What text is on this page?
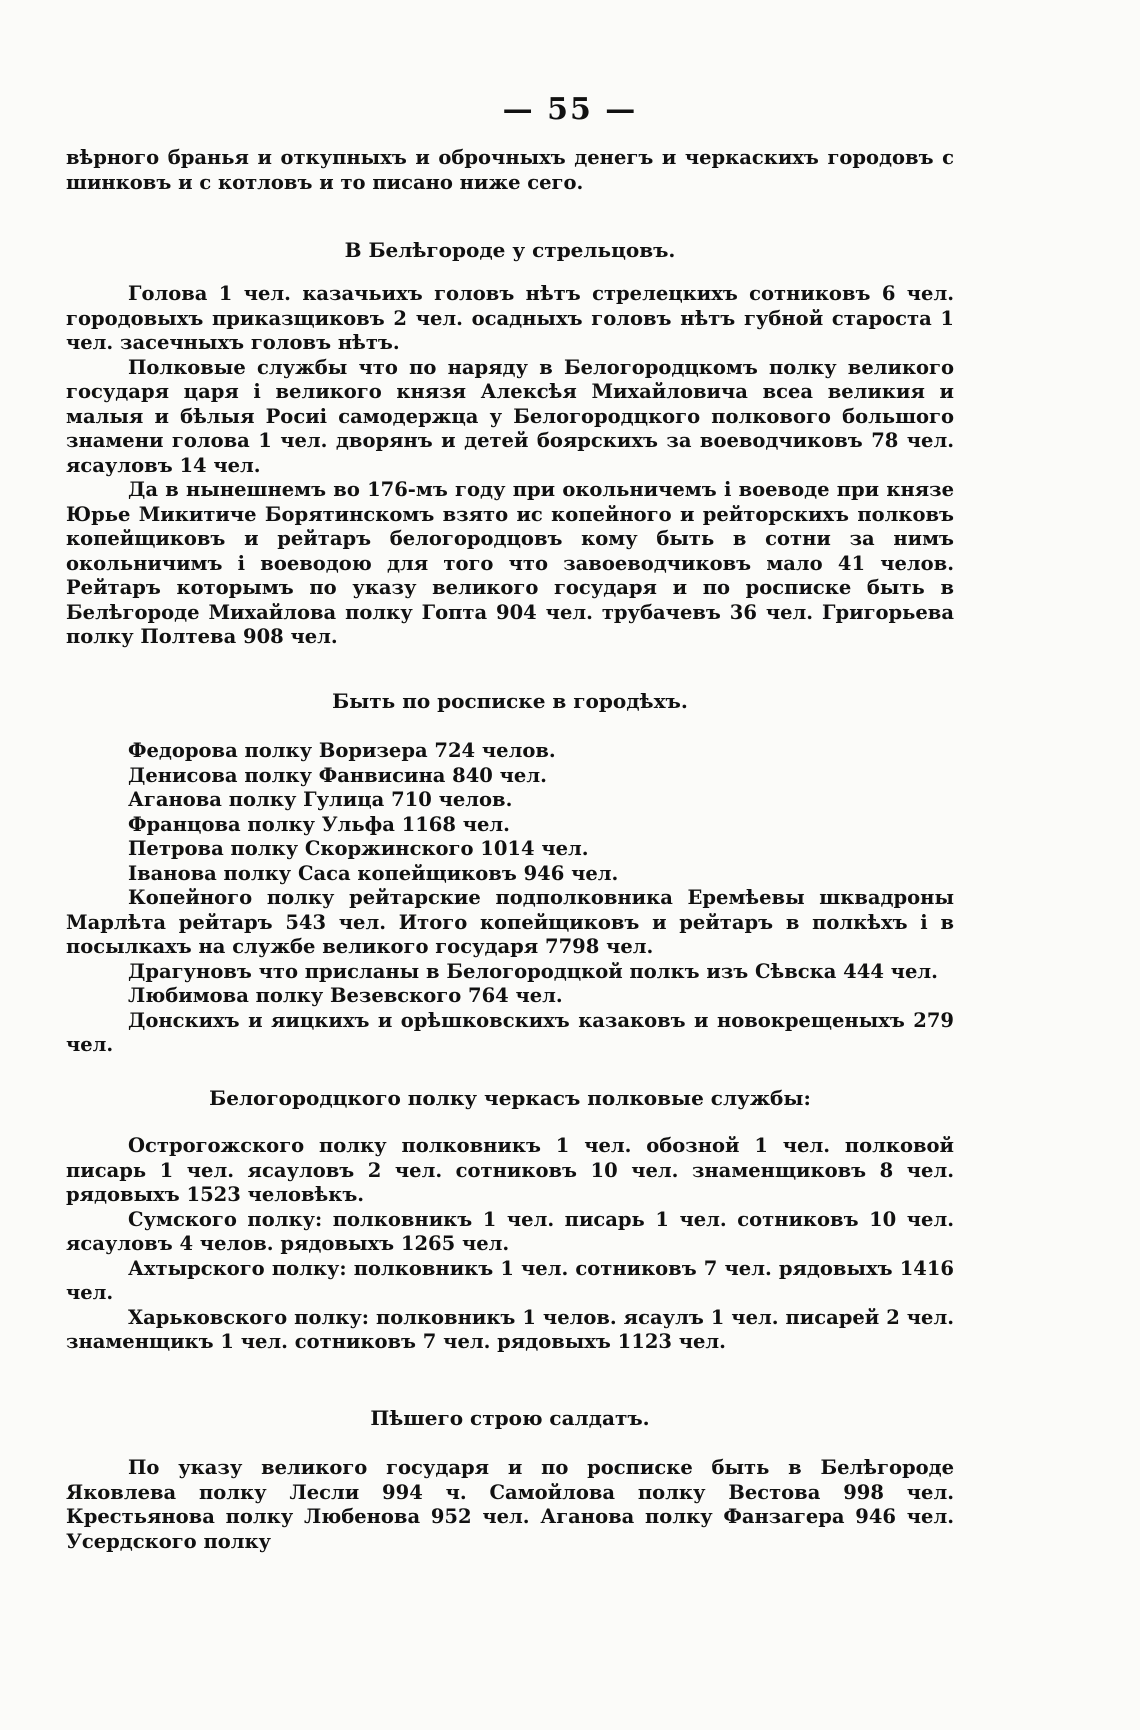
— 55 —

вѣрного бранья и откупныхъ и оброчныхъ денегъ и черкаскихъ городовъ с шинковъ и с котловъ и то писано ниже сего.

В Белѣгороде у стрельцовъ.

Голова 1 чел. казачьихъ головъ нѣтъ стрелецкихъ сотниковъ 6 чел. городовыхъ приказщиковъ 2 чел. осадныхъ головъ нѣтъ губной староста 1 чел. засечныхъ головъ нѣтъ.

Полковые службы что по наряду в Белогородцкомъ полку великого государя царя і великого князя Алексѣя Михайловича всеа великия и малыя и бѣлыя Росиі самодержца у Белогородцкого полкового большого знамени голова 1 чел. дворянъ и детей боярскихъ за воеводчиковъ 78 чел. ясауловъ 14 чел.

Да в нынешнемъ во 176-мъ году при окольничемъ і воеводе при князе Юрье Микитиче Борятинскомъ взято ис копейного и рейторскихъ полковъ копейщиковъ и рейтаръ белогородцовъ кому быть в сотни за нимъ окольничимъ і воеводою для того что завоеводчиковъ мало 41 челов. Рейтаръ которымъ по указу великого государя и по росписке быть в Белѣгороде Михайлова полку Гопта 904 чел. трубачевъ 36 чел. Григорьева полку Полтева 908 чел.

Быть по росписке в городѣхъ.
Федорова полку Воризера 724 челов.
Денисова полку Фанвисина 840 чел.
Аганова полку Гулица 710 челов.
Францова полку Ульфа 1168 чел.
Петрова полку Скоржинского 1014 чел.
Іванова полку Саса копейщиковъ 946 чел.

Копейного полку рейтарские подполковника Еремѣевы шквадроны Марлѣта рейтаръ 543 чел. Итого копейщиковъ и рейтаръ в полкѣхъ і в посылкахъ на службе великого государя 7798 чел.

Драгуновъ что присланы в Белогородцкой полкъ изъ Сѣвска 444 чел.

Любимова полку Везевского 764 чел.

Донскихъ и яицкихъ и орѣшковскихъ казаковъ и новокрещеныхъ 279 чел.

Белогородцкого полку черкасъ полковые службы:

Острогожского полку полковникъ 1 чел. обозной 1 чел. полковой писарь 1 чел. ясауловъ 2 чел. сотниковъ 10 чел. знаменщиковъ 8 чел. рядовыхъ 1523 человѣкъ.

Сумского полку: полковникъ 1 чел. писарь 1 чел. сотниковъ 10 чел. ясауловъ 4 челов. рядовыхъ 1265 чел.

Ахтырского полку: полковникъ 1 чел. сотниковъ 7 чел. рядовыхъ 1416 чел.

Харьковского полку: полковникъ 1 челов. ясаулъ 1 чел. писарей 2 чел. знаменщикъ 1 чел. сотниковъ 7 чел. рядовыхъ 1123 чел.

Пѣшего строю салдатъ.

По указу великого государя и по росписке быть в Белѣгороде Яковлева полку Лесли 994 ч. Самойлова полку Вестова 998 чел. Крестьянова полку Любенова 952 чел. Аганова полку Фанзагера 946 чел. Усердского полку
